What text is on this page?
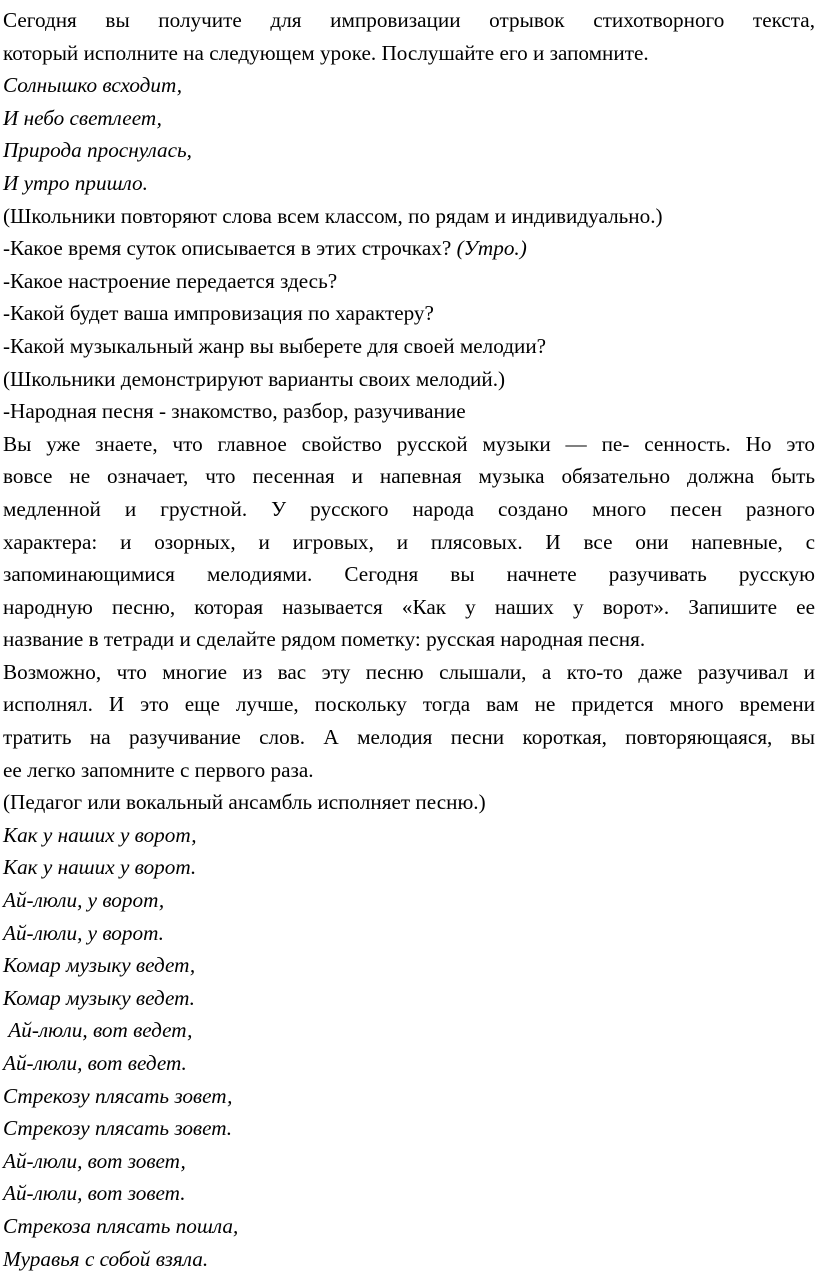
Сегодня вы получите для импровизации отрывок стихотворного текста,
который исполните на следующем уроке. Послушайте его и запомните.
Солнышко всходит,
И небо светлеет,
Природа проснулась,
И утро пришло.
(Школьники повторяют слова всем классом, по рядам и индивидуально.)
-Какое время суток описывается в этих строчках? (Утро.)
-Какое настроение передается здесь?
-Какой будет ваша импровизация по характеру?
-Какой музыкальный жанр вы выберете для своей мелодии?
(Школьники демонстрируют варианты своих мелодий.)
-Народная песня - знакомство, разбор, разучивание
Вы уже знаете, что главное свойство русской музыки — пе- сенность. Но это
вовсе не означает, что песенная и напевная музыка обязательно должна быть
медленной и грустной. У русского народа создано много песен разного
характера: и озорных, и игровых, и плясовых. И все они напевные, с
запоминающимися мелодиями. Сегодня вы начнете разучивать русскую
народную песню, которая называется «Как у наших у ворот». Запишите ее
название в тетради и сделайте рядом пометку: русская народная песня.
Возможно, что многие из вас эту песню слышали, а кто-то даже разучивал и
исполнял. И это еще лучше, поскольку тогда вам не придется много времени
тратить на разучивание слов. А мелодия песни короткая, повторяющаяся, вы
ее легко запомните с первого раза.
(Педагог или вокальный ансамбль исполняет песню.)
Как у наших у ворот,
Как у наших у ворот.
Ай-люли, у ворот,
Ай-люли, у ворот.
Комар музыку ведет,
Комар музыку ведет.
Ай-люли, вот ведет,
Ай-люли, вот ведет.
Стрекозу плясать зовет,
Стрекозу плясать зовет.
Ай-люли, вот зовет,
Ай-люли, вот зовет.
Стрекоза плясать пошла,
Муравья с собой взяла.
